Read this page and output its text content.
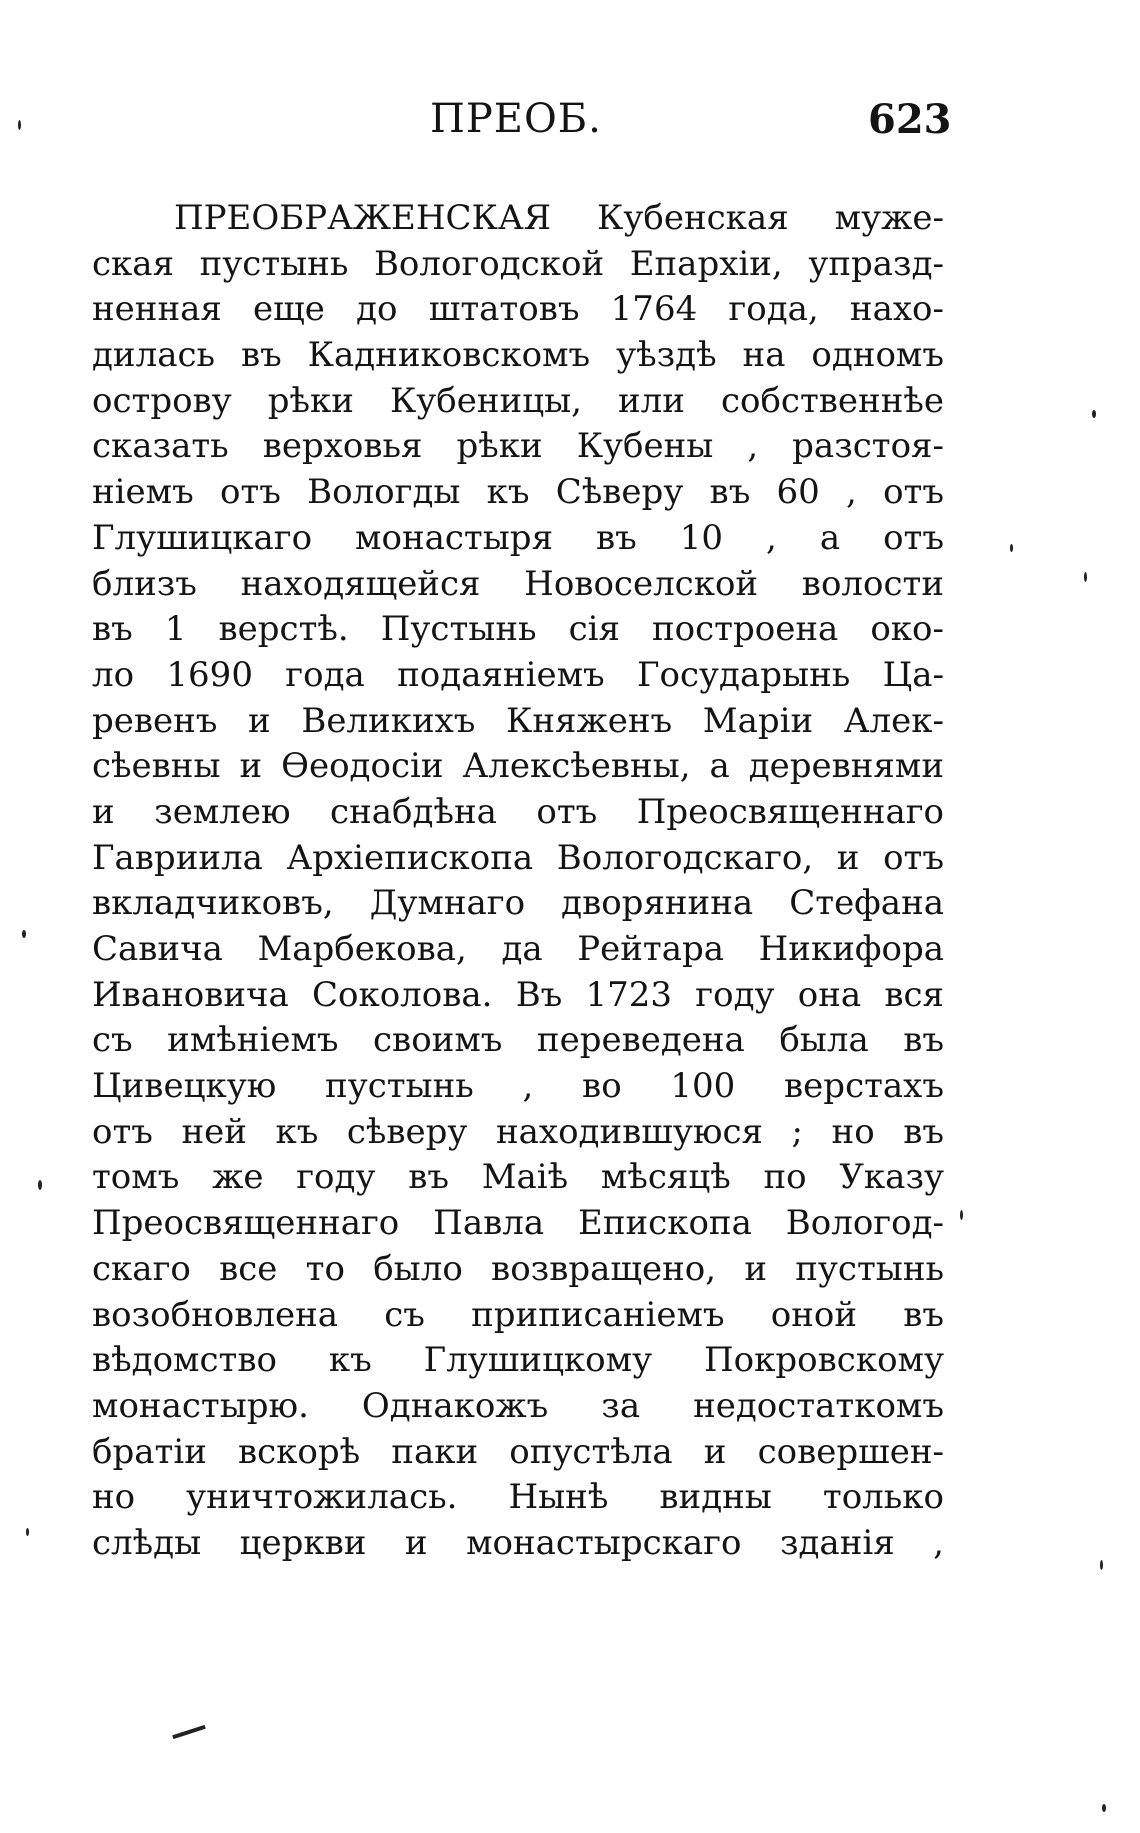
ПРЕОБ.	623
ПРЕОБРАЖЕНСКАЯ Кубенская муже-
ская пустынь Вологодской Епархiи, упразд-
ненная еще до штатовъ 1764 года, нахо-
дилась въ Кадниковскомъ уѣздѣ на одномъ
острову рѣки Кубеницы, или собственнѣе
сказать верховья рѣки Кубены , разстоя-
нiемъ отъ Вологды къ Сѣверу въ 60 , отъ
Глушицкаго монастыря въ 10 , а отъ
близъ находящейся Новоселской волости
въ 1 верстѣ. Пустынь сiя построена око-
ло 1690 года подаянiемъ Государынь Ца-
ревенъ и Великихъ Княженъ Марiи Алек-
сѣевны и Ѳеодосiи Алексѣевны, а деревнями
и землею снабдѣна отъ Преосвященнаго
Гавриила Архiепископа Вологодскаго, и отъ
вкладчиковъ, Думнаго дворянина Стефана
Савича Марбекова, да Рейтара Никифора
Ивановича Соколова. Въ 1723 году она вся
съ имѣнiемъ своимъ переведена была въ
Цивецкую пустынь , во 100 верстахъ
отъ ней къ сѣверу находившуюся ; но въ
томъ же году въ Маiѣ мѣсяцѣ по Указу
Преосвященнаго Павла Епископа Вологод-
скаго все то было возвращено, и пустынь
возобновлена съ приписанiемъ оной въ
вѣдомство къ Глушицкому Покровскому
монастырю. Однакожъ за недостаткомъ
братiи вскорѣ паки опустѣла и совершен-
но уничтожилась. Нынѣ видны только
слѣды церкви и монастырскаго зданiя ,
